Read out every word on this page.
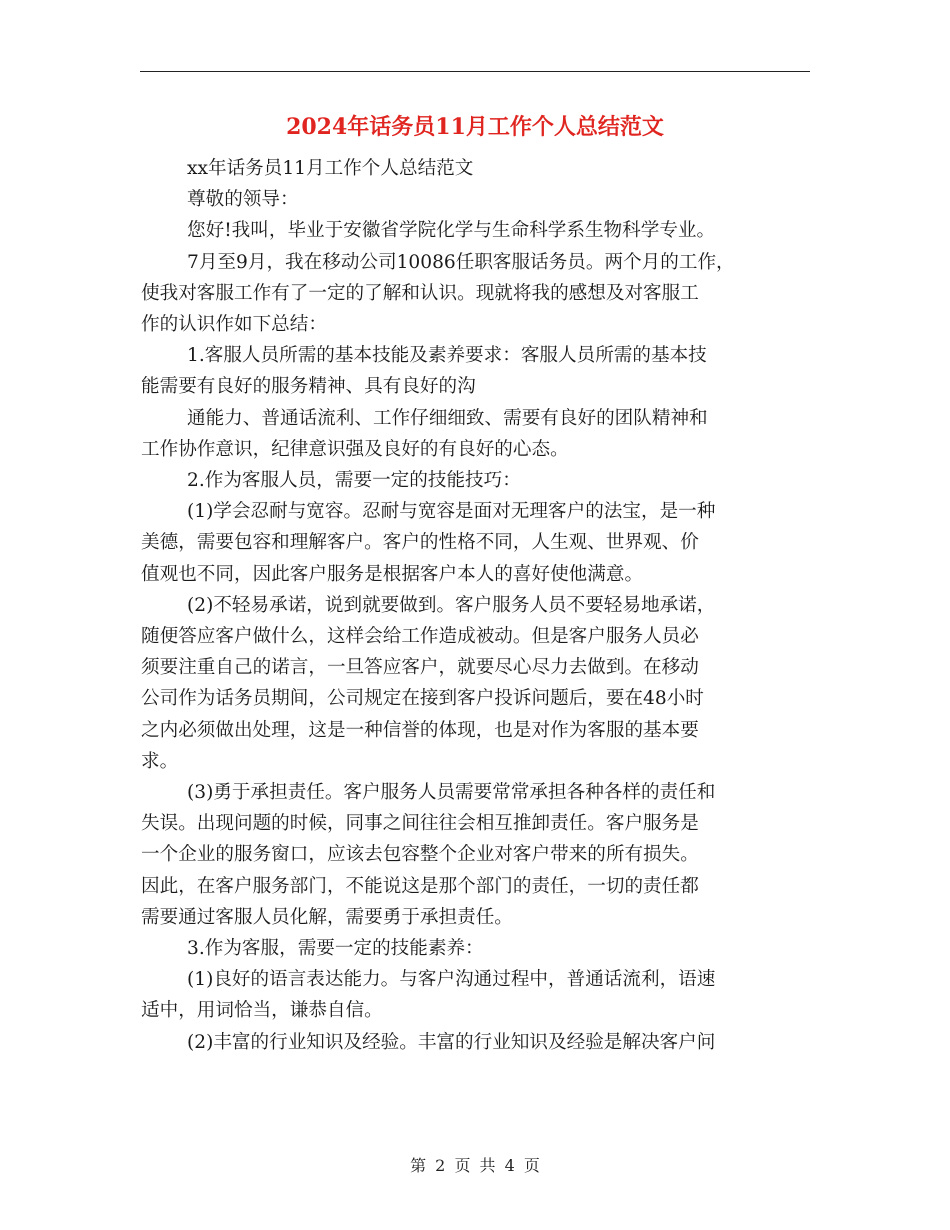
2024年话务员11月工作个人总结范文

xx年话务员11月工作个人总结范文

尊敬的领导：

您好!我叫，毕业于安徽省学院化学与生命科学系生物科学专业。

7月至9月，我在移动公司10086任职客服话务员。两个月的工作，

使我对客服工作有了一定的了解和认识。现就将我的感想及对客服工

作的认识作如下总结：

1.客服人员所需的基本技能及素养要求：客服人员所需的基本技

能需要有良好的服务精神、具有良好的沟

通能力、普通话流利、工作仔细细致、需要有良好的团队精神和

工作协作意识，纪律意识强及良好的有良好的心态。

2.作为客服人员，需要一定的技能技巧：

(1)学会忍耐与宽容。忍耐与宽容是面对无理客户的法宝，是一种

美德，需要包容和理解客户。客户的性格不同，人生观、世界观、价

值观也不同，因此客户服务是根据客户本人的喜好使他满意。

(2)不轻易承诺，说到就要做到。客户服务人员不要轻易地承诺，

随便答应客户做什么，这样会给工作造成被动。但是客户服务人员必

须要注重自己的诺言，一旦答应客户，就要尽心尽力去做到。在移动

公司作为话务员期间，公司规定在接到客户投诉问题后，要在48小时

之内必须做出处理，这是一种信誉的体现，也是对作为客服的基本要

求。

(3)勇于承担责任。客户服务人员需要常常承担各种各样的责任和

失误。出现问题的时候，同事之间往往会相互推卸责任。客户服务是

一个企业的服务窗口，应该去包容整个企业对客户带来的所有损失。

因此，在客户服务部门，不能说这是那个部门的责任，一切的责任都

需要通过客服人员化解，需要勇于承担责任。

3.作为客服，需要一定的技能素养：

(1)良好的语言表达能力。与客户沟通过程中，普通话流利，语速

适中，用词恰当，谦恭自信。

(2)丰富的行业知识及经验。丰富的行业知识及经验是解决客户问

第 2 页 共 4 页
